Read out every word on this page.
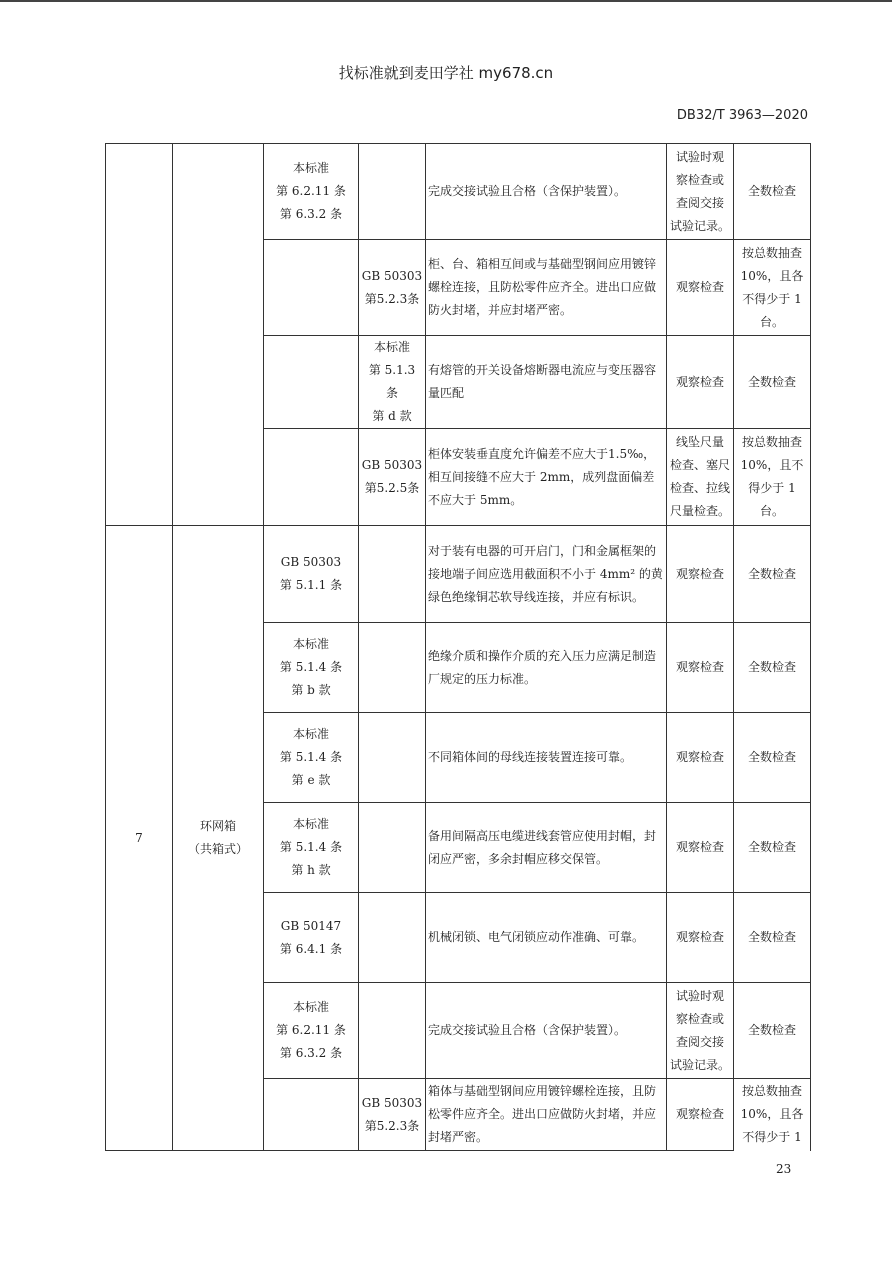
找标准就到麦田学社 my678.cn
DB32/T 3963—2020

		本标准
第 6.2.11 条
第 6.3.2 条		完成交接试验且合格（含保护装置）。	试验时观
察检查或
查阅交接
试验记录。	全数检查

			GB 50303
第5.2.3条	柜、台、箱相互间或与基础型钢间应用镀锌螺栓连接，且防松零件应齐全。进出口应做防火封堵，并应封堵严密。	观察检查	按总数抽查
10%，且各
不得少于 1
台。

			本标准
第 5.1.3 条
第 d 款	有熔管的开关设备熔断器电流应与变压器容量匹配	观察检查	全数检查

			GB 50303
第5.2.5条	柜体安装垂直度允许偏差不应大于1.5‰，相互间接缝不应大于 2mm，成列盘面偏差不应大于 5mm。	线坠尺量
检查、塞尺
检查、拉线
尺量检查。	按总数抽查
10%，且不
得少于 1
台。

7	环网箱
（共箱式）	GB 50303
第 5.1.1 条		对于装有电器的可开启门，门和金属框架的接地端子间应选用截面积不小于 4mm² 的黄绿色绝缘铜芯软导线连接，并应有标识。	观察检查	全数检查

		本标准
第 5.1.4 条
第 b 款		绝缘介质和操作介质的充入压力应满足制造厂规定的压力标准。	观察检查	全数检查

		本标准
第 5.1.4 条
第 e 款		不同箱体间的母线连接装置连接可靠。	观察检查	全数检查

		本标准
第 5.1.4 条
第 h 款		备用间隔高压电缆进线套管应使用封帽，封闭应严密，多余封帽应移交保管。	观察检查	全数检查

		GB 50147
第 6.4.1 条		机械闭锁、电气闭锁应动作准确、可靠。	观察检查	全数检查

		本标准
第 6.2.11 条
第 6.3.2 条		完成交接试验且合格（含保护装置）。	试验时观
察检查或
查阅交接
试验记录。	全数检查

			GB 50303
第5.2.3条	箱体与基础型钢间应用镀锌螺栓连接，且防松零件应齐全。进出口应做防火封堵，并应封堵严密。	观察检查	按总数抽查
10%，且各
不得少于 1
23
